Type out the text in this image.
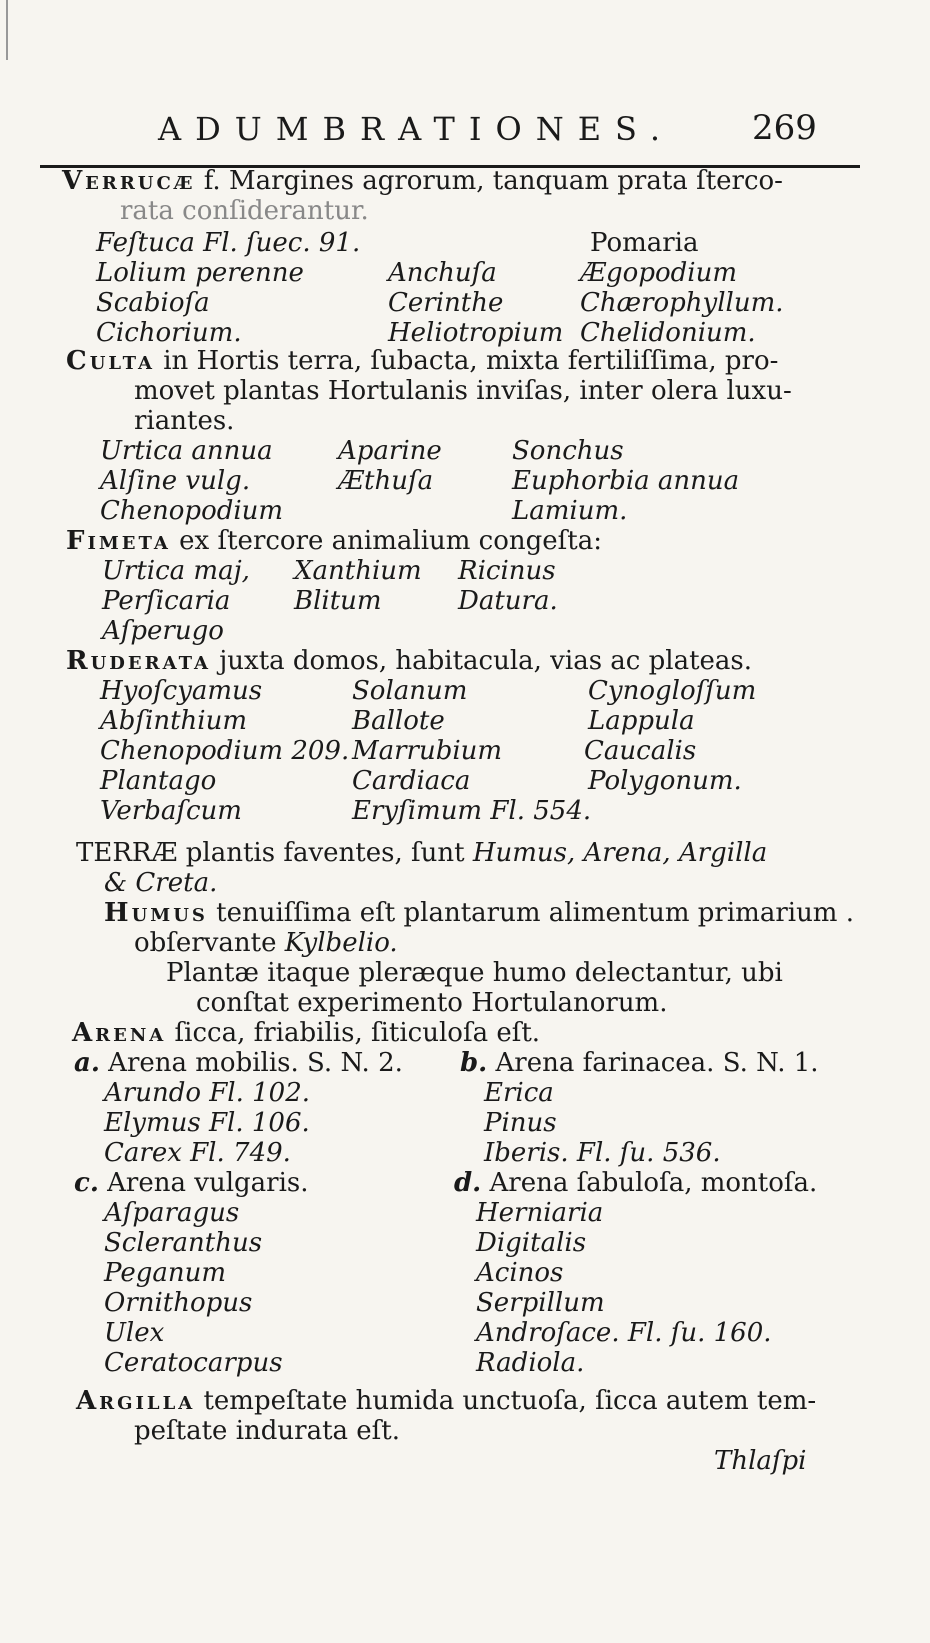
ADUMBRATIONES. 269
Verrucæ f. Margines agrorum, tanquam prata ſterco-
rata conſiderantur.
Feſtuca Fl. ſuec. 91.
Lolium perenne
Scabioſa
Cichorium.
Anchuſa
Cerinthe
Heliotropium
Pomaria
Ægopodium
Chærophyllum.
Chelidonium.
Culta in Hortis terra, ſubacta, mixta fertiliſſima, pro-
movet plantas Hortulanis inviſas, inter olera luxu-
riantes.
Urtica annua
Alſine vulg.
Chenopodium
Aparine
Æthuſa
Sonchus
Euphorbia annua
Lamium.
Fimeta ex ſtercore animalium congeſta:
Urtica maj,
Perſicaria
Aſperugo
Xanthium
Blitum
Ricinus
Datura.
Ruderata juxta domos, habitacula, vias ac plateas.
Hyoſcyamus
Abſinthium
Chenopodium 209.
Plantago
Verbaſcum
Solanum
Ballote
Marrubium
Cardiaca
Eryſimum Fl. 554.
Cynogloſſum
Lappula
Caucalis
Polygonum.
TERRÆ plantis faventes, ſunt Humus, Arena, Argilla
& Creta.
Humus tenuiſſima eſt plantarum alimentum primarium .
obſervante Kylbelio.
Plantæ itaque pleræque humo delectantur, ubi
conſtat experimento Hortulanorum.
Arena ſicca, friabilis, ſiticuloſa eſt.
a. Arena mobilis. S. N. 2.
Arundo Fl. 102.
Elymus Fl. 106.
Carex Fl. 749.
b. Arena farinacea. S. N. 1.
Erica
Pinus
Iberis. Fl. ſu. 536.
c. Arena vulgaris.
Aſparagus
Scleranthus
Peganum
Ornithopus
Ulex
Ceratocarpus
d. Arena ſabuloſa, montoſa.
Herniaria
Digitalis
Acinos
Serpillum
Androſace. Fl. ſu. 160.
Radiola.
Argilla tempeſtate humida unctuoſa, ſicca autem tem-
peſtate indurata eſt.
Thlaſpi
